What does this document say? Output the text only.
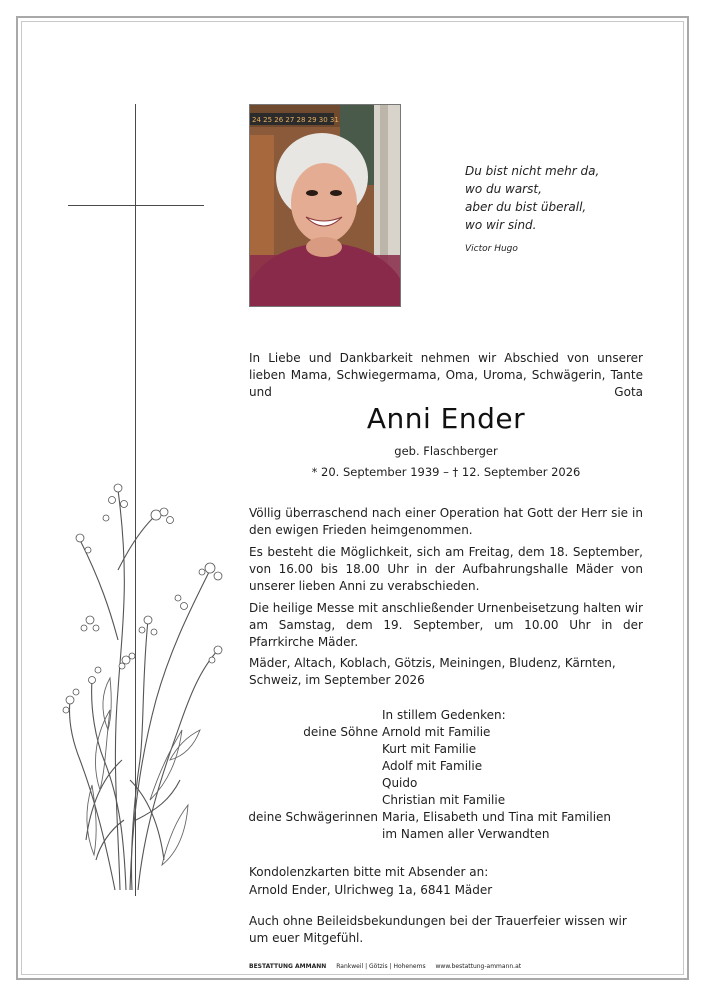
24 25 26 27 28 29 30 31
Du bist nicht mehr da,
wo du warst,
aber du bist überall,
wo wir sind.
Victor Hugo
In Liebe und Dankbarkeit nehmen wir Abschied von unserer lieben Mama, Schwiegermama, Oma, Uroma, Schwägerin, Tante und Gota
Anni Ender
geb. Flaschberger
* 20. September 1939 – † 12. September 2026

Völlig überraschend nach einer Operation hat Gott der Herr sie in den ewigen Frieden heimgenommen.

Es besteht die Möglichkeit, sich am Freitag, dem 18. September, von 16.00 bis 18.00 Uhr in der Aufbahrungshalle Mäder von unserer lieben Anni zu verabschieden.

Die heilige Messe mit anschließender Urnenbeisetzung halten wir am Samstag, dem 19. September, um 10.00 Uhr in der Pfarrkirche Mäder.

Mäder, Altach, Koblach, Götzis, Meiningen, Bludenz, Kärnten, Schweiz, im September 2026
In stillem Gedenken:
deine Söhne Arnold mit Familie
Kurt mit Familie
Adolf mit Familie
Quido
Christian mit Familie
deine Schwägerinnen Maria, Elisabeth und Tina mit Familien
im Namen aller Verwandten
Kondolenzkarten bitte mit Absender an:
Arnold Ender, Ulrichweg 1a, 6841 Mäder
Auch ohne Beileidsbekundungen bei der Trauerfeier wissen wir um euer Mitgefühl.
BESTATTUNG AMMANN Rankweil | Götzis | Hohenems www.bestattung-ammann.at
